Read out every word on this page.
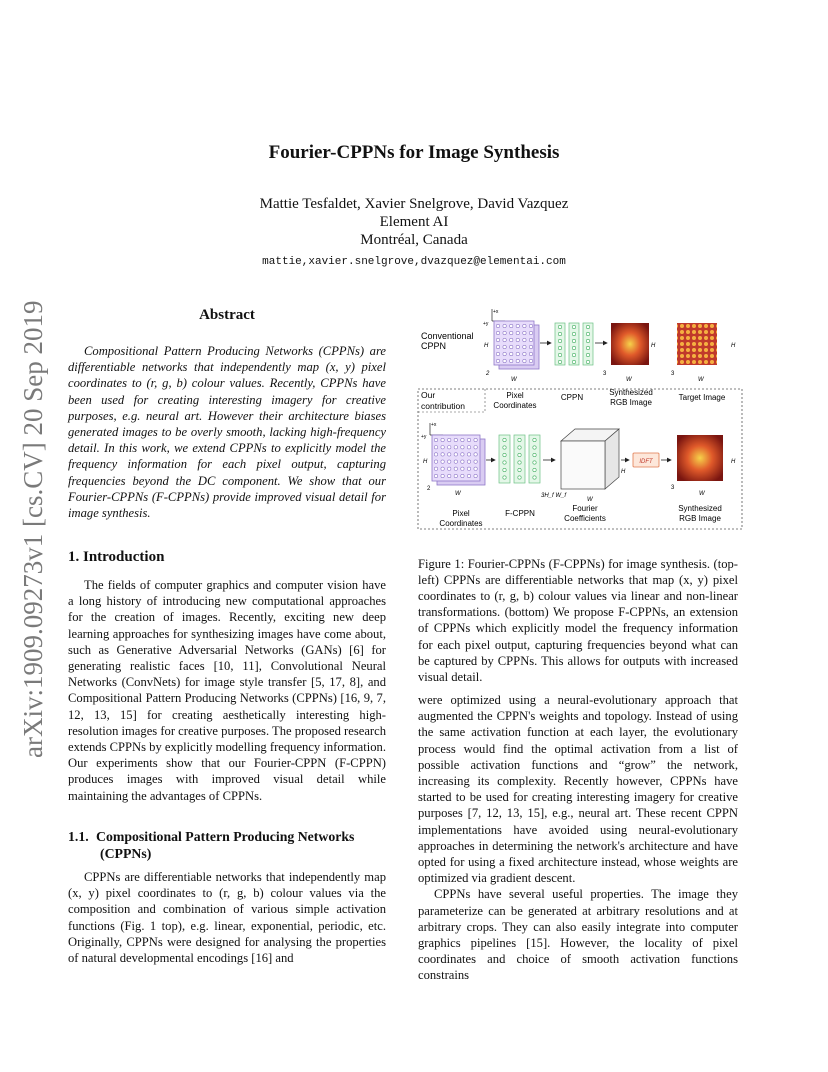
arXiv:1909.09273v1 [cs.CV] 20 Sep 2019
Fourier-CPPNs for Image Synthesis
Mattie Tesfaldet, Xavier Snelgrove, David Vazquez
Element AI
Montréal, Canada
mattie,xavier.snelgrove,dvazquez@elementai.com
Abstract

Compositional Pattern Producing Networks (CPPNs) are differentiable networks that independently map (x, y) pixel coordinates to (r, g, b) colour values. Recently, CPPNs have been used for creating interesting imagery for creative purposes, e.g. neural art. However their architecture biases generated images to be overly smooth, lacking high-frequency detail. In this work, we extend CPPNs to explicitly model the frequency information for each pixel output, capturing frequencies beyond the DC component. We show that our Fourier-CPPNs (F-CPPNs) provide improved visual detail for image synthesis.

1. Introduction

The fields of computer graphics and computer vision have a long history of introducing new computational approaches for the creation of images. Recently, exciting new deep learning approaches for synthesizing images have come about, such as Generative Adversarial Networks (GANs) [6] for generating realistic faces [10, 11], Convolutional Neural Networks (ConvNets) for image style transfer [5, 17, 8], and Compositional Pattern Producing Networks (CPPNs) [16, 9, 7, 12, 13, 15] for creating aesthetically interesting high-resolution images for creative purposes. The proposed research extends CPPNs by explicitly modelling frequency information. Our experiments show that our Fourier-CPPN (F-CPPN) produces images with improved visual detail while maintaining the advantages of CPPNs.

1.1. Compositional Pattern Producing Networks
(CPPNs)

CPPNs are differentiable networks that independently map (x, y) pixel coordinates to (r, g, b) colour values via the composition and combination of various simple activation functions (Fig. 1 top), e.g. linear, exponential, periodic, etc. Originally, CPPNs were designed for analysing the properties of natural developmental encodings [16] and

+x
+y
Conventional
CPPN	H
2
W
H
3
W
H
3
W
Pixel
Coordinates
CPPN
Synthesized
RGB Image
Target Image
Our
contribution
+x
+y
H
2
W	3H_f W_f
W
H
IDFT	H
3
W
Pixel
Coordinates
F-CPPN
Fourier
Coefficients
Synthesized
RGB Image

Figure 1: Fourier-CPPNs (F-CPPNs) for image synthesis. (top-left) CPPNs are differentiable networks that map (x, y) pixel coordinates to (r, g, b) colour values via linear and non-linear transformations. (bottom) We propose F-CPPNs, an extension of CPPNs which explicitly model the frequency information for each pixel output, capturing frequencies beyond what can be captured by CPPNs. This allows for outputs with increased visual detail.

were optimized using a neural-evolutionary approach that augmented the CPPN's weights and topology. Instead of using the same activation function at each layer, the evolutionary process would find the optimal activation from a list of possible activation functions and “grow” the network, increasing its complexity. Recently however, CPPNs have started to be used for creating interesting imagery for creative purposes [7, 12, 13, 15], e.g., neural art. These recent CPPN implementations have avoided using neural-evolutionary approaches in determining the network's architecture and have opted for using a fixed architecture instead, whose weights are optimized via gradient descent.

CPPNs have several useful properties. The image they parameterize can be generated at arbitrary resolutions and at arbitrary crops. They can also easily integrate into computer graphics pipelines [15]. However, the locality of pixel coordinates and choice of smooth activation functions constrains
